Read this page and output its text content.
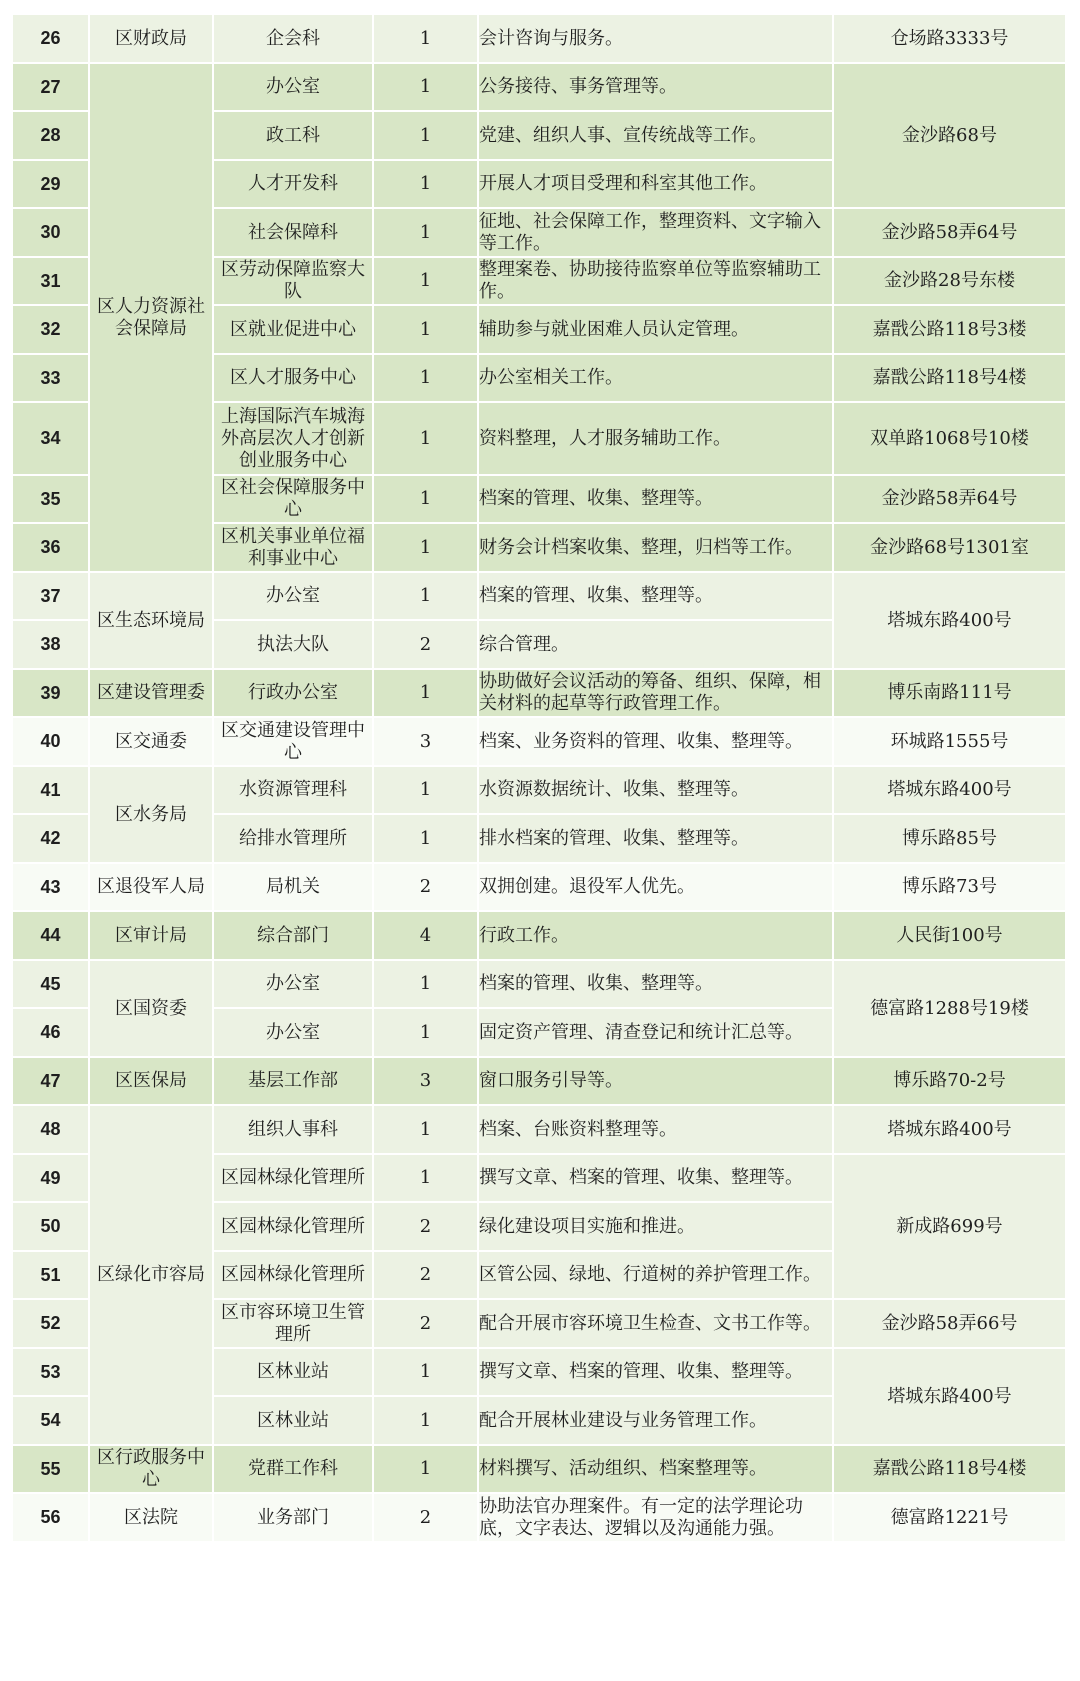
26	区财政局	企会科	1	会计咨询与服务。	仓场路3333号
27	区人力资源社会保障局	办公室	1	公务接待、事务管理等。	金沙路68号
28		政工科	1	党建、组织人事、宣传统战等工作。	
29		人才开发科	1	开展人才项目受理和科室其他工作。	
30		社会保障科	1	征地、社会保障工作，整理资料、文字输入等工作。	金沙路58弄64号
31		区劳动保障监察大队	1	整理案卷、协助接待监察单位等监察辅助工作。	金沙路28号东楼
32		区就业促进中心	1	辅助参与就业困难人员认定管理。	嘉戬公路118号3楼
33		区人才服务中心	1	办公室相关工作。	嘉戬公路118号4楼
34		上海国际汽车城海外高层次人才创新创业服务中心	1	资料整理，人才服务辅助工作。	双单路1068号10楼
35		区社会保障服务中心	1	档案的管理、收集、整理等。	金沙路58弄64号
36		区机关事业单位福利事业中心	1	财务会计档案收集、整理，归档等工作。	金沙路68号1301室
37	区生态环境局	办公室	1	档案的管理、收集、整理等。	塔城东路400号
38		执法大队	2	综合管理。	
39	区建设管理委	行政办公室	1	协助做好会议活动的筹备、组织、保障，相关材料的起草等行政管理工作。	博乐南路111号
40	区交通委	区交通建设管理中心	3	档案、业务资料的管理、收集、整理等。	环城路1555号
41	区水务局	水资源管理科	1	水资源数据统计、收集、整理等。	塔城东路400号
42		给排水管理所	1	排水档案的管理、收集、整理等。	博乐路85号
43	区退役军人局	局机关	2	双拥创建。退役军人优先。	博乐路73号
44	区审计局	综合部门	4	行政工作。	人民街100号
45	区国资委	办公室	1	档案的管理、收集、整理等。	德富路1288号19楼
46		办公室	1	固定资产管理、清查登记和统计汇总等。	
47	区医保局	基层工作部	3	窗口服务引导等。	博乐路70-2号
48	区绿化市容局	组织人事科	1	档案、台账资料整理等。	塔城东路400号
49		区园林绿化管理所	1	撰写文章、档案的管理、收集、整理等。	新成路699号
50		区园林绿化管理所	2	绿化建设项目实施和推进。	
51		区园林绿化管理所	2	区管公园、绿地、行道树的养护管理工作。	
52		区市容环境卫生管理所	2	配合开展市容环境卫生检查、文书工作等。	金沙路58弄66号
53		区林业站	1	撰写文章、档案的管理、收集、整理等。	塔城东路400号
54		区林业站	1	配合开展林业建设与业务管理工作。	
55	区行政服务中心	党群工作科	1	材料撰写、活动组织、档案整理等。	嘉戬公路118号4楼
56	区法院	业务部门	2	协助法官办理案件。有一定的法学理论功底，文字表达、逻辑以及沟通能力强。	德富路1221号
